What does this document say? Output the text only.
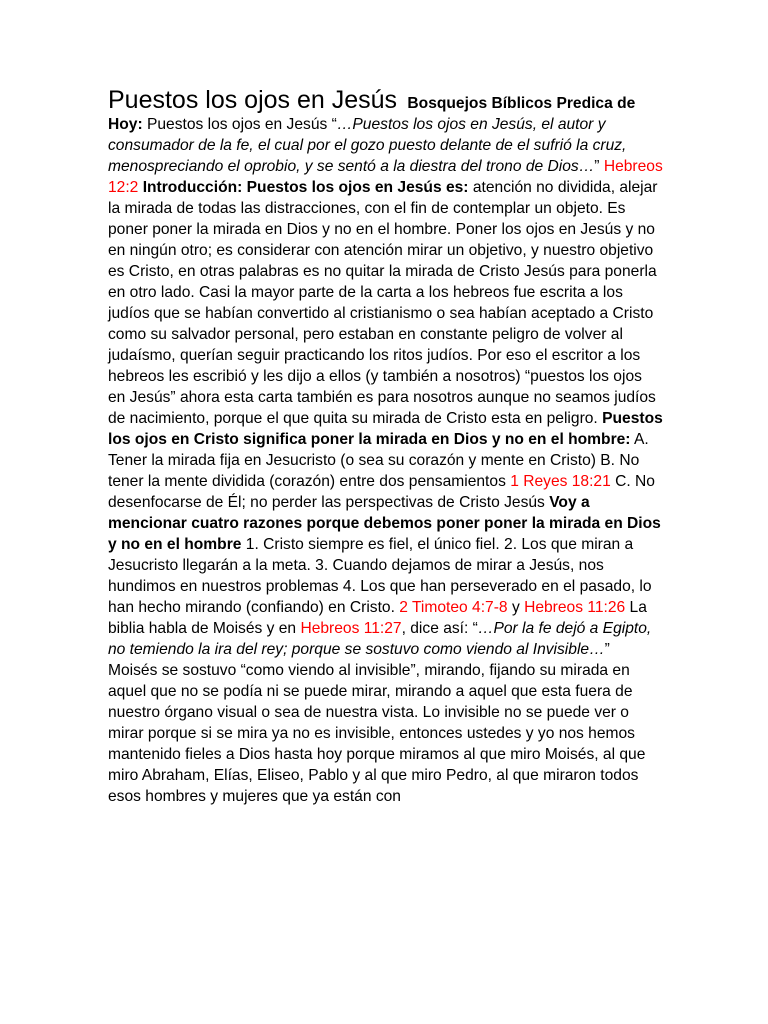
Puestos los ojos en Jesús Bosquejos Bíblicos Predica de Hoy: Puestos los ojos en Jesús “…Puestos los ojos en Jesús, el autor y consumador de la fe, el cual por el gozo puesto delante de el sufrió la cruz, menospreciando el oprobio, y se sentó a la diestra del trono de Dios…” Hebreos 12:2 Introducción: Puestos los ojos en Jesús es: atención no dividida, alejar la mirada de todas las distracciones, con el fin de contemplar un objeto. Es poner poner la mirada en Dios y no en el hombre. Poner los ojos en Jesús y no en ningún otro; es considerar con atención mirar un objetivo, y nuestro objetivo es Cristo, en otras palabras es no quitar la mirada de Cristo Jesús para ponerla en otro lado. Casi la mayor parte de la carta a los hebreos fue escrita a los judíos que se habían convertido al cristianismo o sea habían aceptado a Cristo como su salvador personal, pero estaban en constante peligro de volver al judaísmo, querían seguir practicando los ritos judíos. Por eso el escritor a los hebreos les escribió y les dijo a ellos (y también a nosotros) “puestos los ojos en Jesús” ahora esta carta también es para nosotros aunque no seamos judíos de nacimiento, porque el que quita su mirada de Cristo esta en peligro. Puestos los ojos en Cristo significa poner la mirada en Dios y no en el hombre: A. Tener la mirada fija en Jesucristo (o sea su corazón y mente en Cristo) B. No tener la mente dividida (corazón) entre dos pensamientos 1 Reyes 18:21 C. No desenfocarse de Él; no perder las perspectivas de Cristo Jesús Voy a mencionar cuatro razones porque debemos poner poner la mirada en Dios y no en el hombre 1. Cristo siempre es fiel, el único fiel. 2. Los que miran a Jesucristo llegarán a la meta. 3. Cuando dejamos de mirar a Jesús, nos hundimos en nuestros problemas 4. Los que han perseverado en el pasado, lo han hecho mirando (confiando) en Cristo. 2 Timoteo 4:7-8 y Hebreos 11:26 La biblia habla de Moisés y en Hebreos 11:27, dice así: “…Por la fe dejó a Egipto, no temiendo la ira del rey; porque se sostuvo como viendo al Invisible…” Moisés se sostuvo “como viendo al invisible”, mirando, fijando su mirada en aquel que no se podía ni se puede mirar, mirando a aquel que esta fuera de nuestro órgano visual o sea de nuestra vista. Lo invisible no se puede ver o mirar porque si se mira ya no es invisible, entonces ustedes y yo nos hemos mantenido fieles a Dios hasta hoy porque miramos al que miro Moisés, al que miro Abraham, Elías, Eliseo, Pablo y al que miro Pedro, al que miraron todos esos hombres y mujeres que ya están con
